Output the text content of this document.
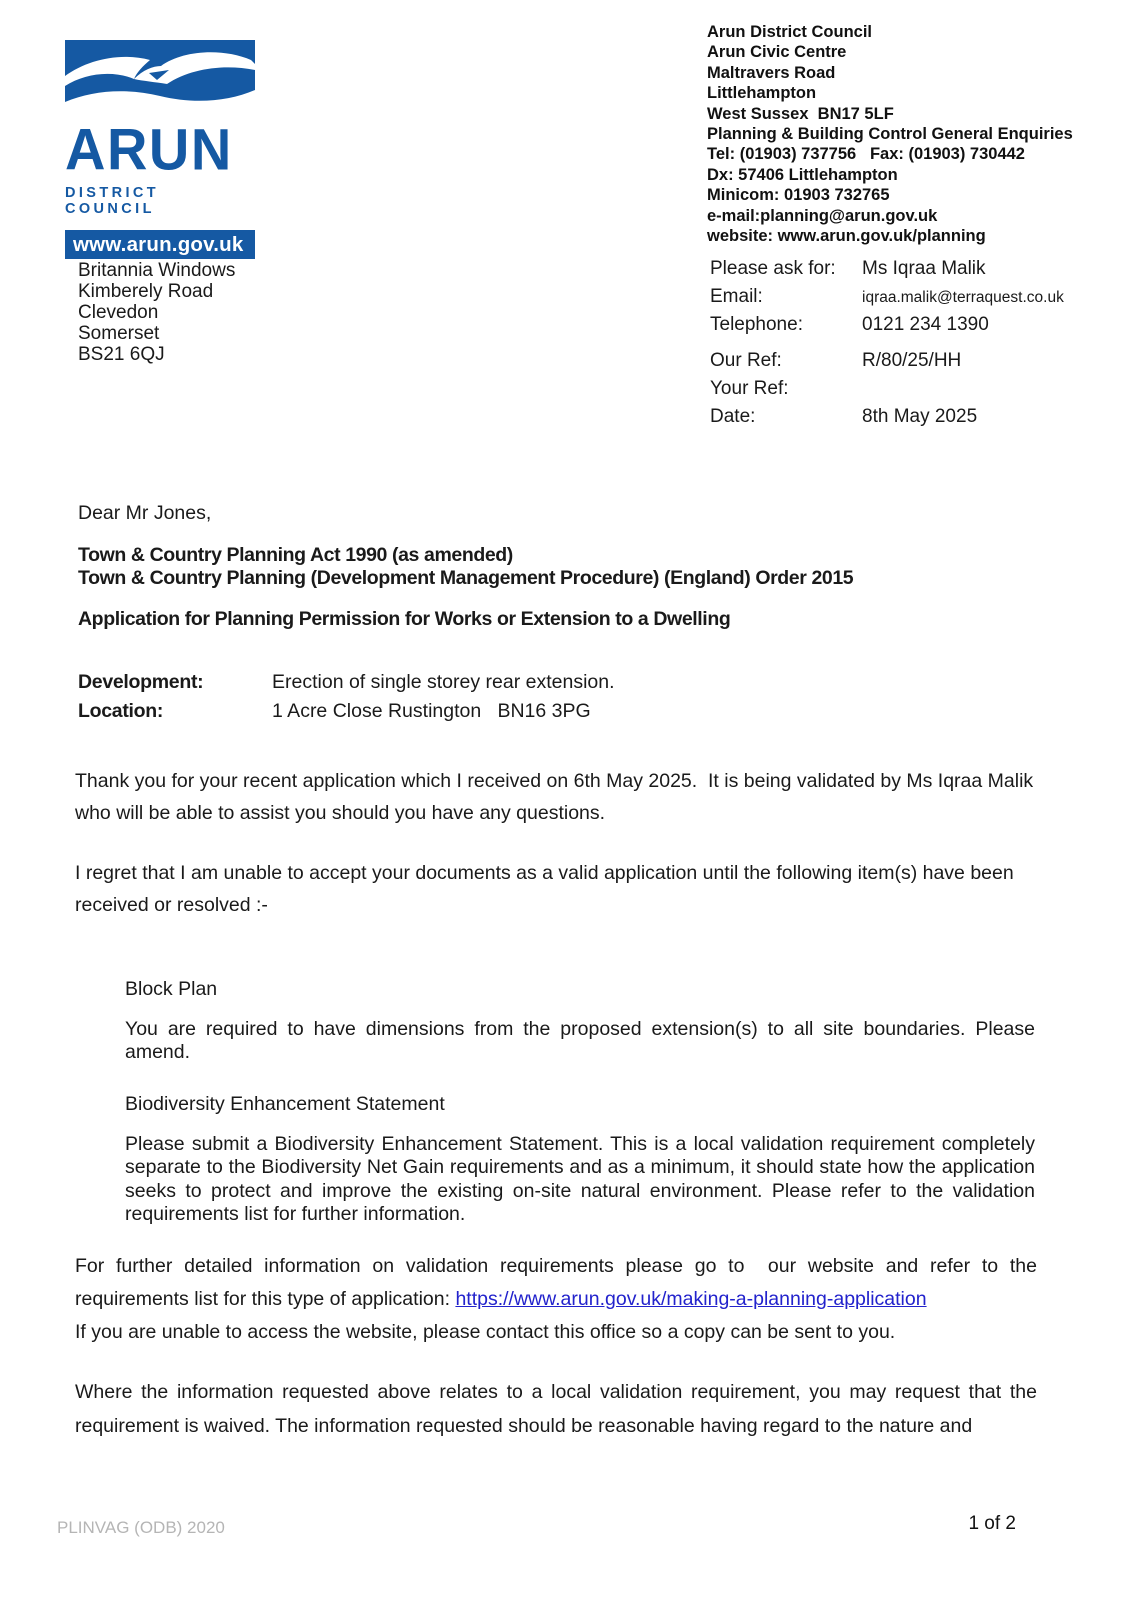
ARUN
DISTRICT COUNCIL
www.arun.gov.uk
Arun District Council
Arun Civic Centre
Maltravers Road
Littlehampton
West Sussex  BN17 5LF
Planning & Building Control General Enquiries
Tel: (01903) 737756   Fax: (01903) 730442
Dx: 57406 Littlehampton
Minicom: 01903 732765
e-mail:planning@arun.gov.uk
website: www.arun.gov.uk/planning
Britannia Windows
Kimberely Road
Clevedon
Somerset
BS21 6QJ
Please ask for:	Ms Iqraa Malik
Email:	iqraa.malik@terraquest.co.uk
Telephone:	0121 234 1390
Our Ref:	R/80/25/HH
Your Ref:
Date:	8th May 2025
Dear Mr Jones,
Town & Country Planning Act 1990 (as amended)
Town & Country Planning (Development Management Procedure) (England) Order 2015
Application for Planning Permission for Works or Extension to a Dwelling
Development:	Erection of single storey rear extension.
Location:	1 Acre Close Rustington   BN16 3PG
Thank you for your recent application which I received on 6th May 2025.  It is being validated by Ms Iqraa Malik who will be able to assist you should you have any questions.
I regret that I am unable to accept your documents as a valid application until the following item(s) have been received or resolved :-
Block Plan
You are required to have dimensions from the proposed extension(s) to all site boundaries. Please amend.
Biodiversity Enhancement Statement
Please submit a Biodiversity Enhancement Statement. This is a local validation requirement completely separate to the Biodiversity Net Gain requirements and as a minimum, it should state how the application seeks to protect and improve the existing on-site natural environment. Please refer to the validation requirements list for further information.
For further detailed information on validation requirements please go to  our website and refer to the requirements list for this type of application: https://www.arun.gov.uk/making-a-planning-application
If you are unable to access the website, please contact this office so a copy can be sent to you.
Where the information requested above relates to a local validation requirement, you may request that the requirement is waived. The information requested should be reasonable having regard to the nature and
PLINVAG (ODB) 2020	1 of 2
